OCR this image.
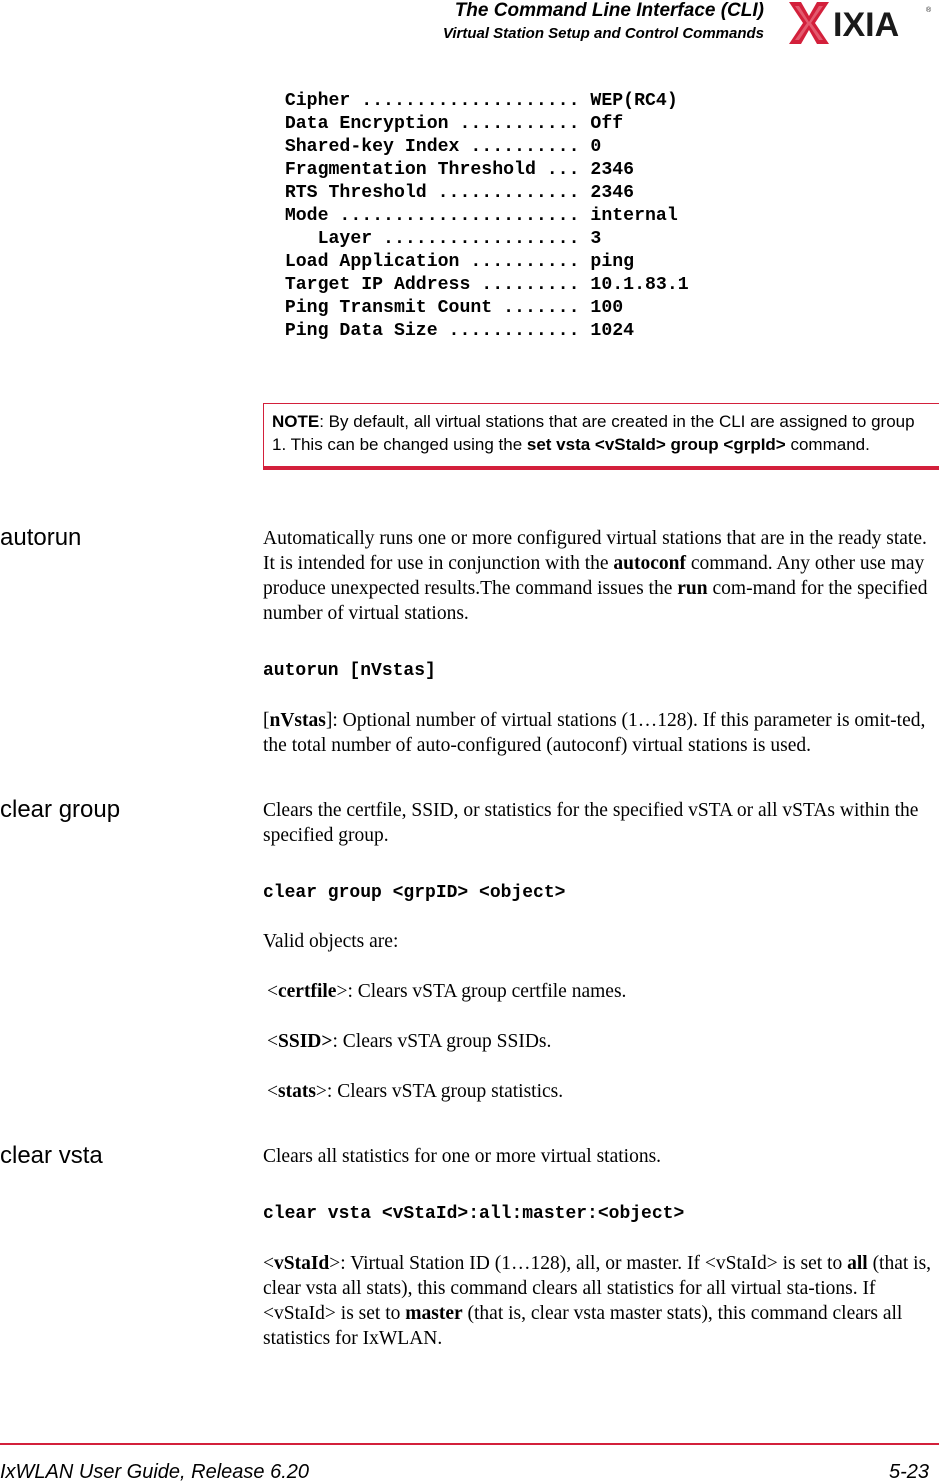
The Command Line Interface (CLI)
Virtual Station Setup and Control Commands IXIA	®
Cipher .................... WEP(RC4)
Data Encryption ........... Off
Shared-key Index .......... 0
Fragmentation Threshold ... 2346
RTS Threshold ............. 2346
Mode ...................... internal
Layer .................. 3
Load Application .......... ping
Target IP Address ......... 10.1.83.1
Ping Transmit Count ....... 100
Ping Data Size ............ 1024
NOTE: By default, all virtual stations that are created in the CLI are assigned to group 1. This can be changed using the set vsta <vStaId> group <grpId> command.
autorun	Automatically runs one or more configured virtual stations that are in the ready state. It is intended for use in conjunction with the autoconf command. Any other use may produce unexpected results.The command issues the run com-mand for the specified number of virtual stations.
autorun [nVstas]
[nVstas]: Optional number of virtual stations (1…128). If this parameter is omit-ted, the total number of auto-configured (autoconf) virtual stations is used.
clear group	Clears the certfile, SSID, or statistics for the specified vSTA or all vSTAs within the specified group.
clear group <grpID> <object>
Valid objects are:
<certfile>: Clears vSTA group certfile names.
<SSID>: Clears vSTA group SSIDs.
<stats>: Clears vSTA group statistics.
clear vsta	Clears all statistics for one or more virtual stations.
clear vsta <vStaId>:all:master:<object>
<vStaId>: Virtual Station ID (1…128), all, or master. If <vStaId> is set to all (that is, clear vsta all stats), this command clears all statistics for all virtual sta-tions. If <vStaId> is set to master (that is, clear vsta master stats), this command clears all statistics for IxWLAN.
IxWLAN User Guide, Release 6.20	5-23
